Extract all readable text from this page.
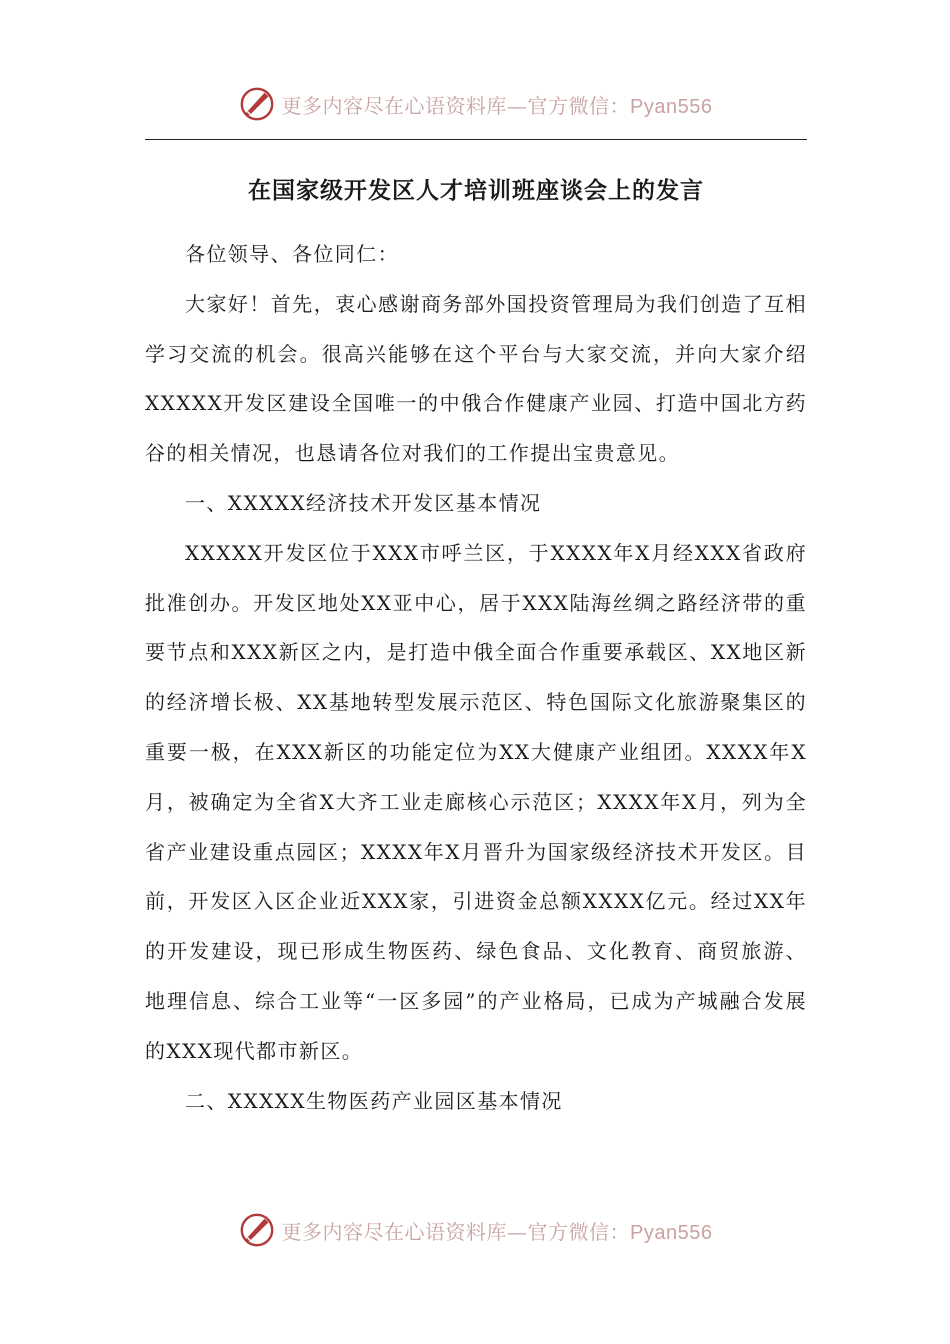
更多内容尽在心语资料库—官方微信：Pyan556
在国家级开发区人才培训班座谈会上的发言

各位领导、各位同仁：

大家好！首先，衷心感谢商务部外国投资管理局为我们创造了互相学习交流的机会。很高兴能够在这个平台与大家交流，并向大家介绍XXXXX开发区建设全国唯一的中俄合作健康产业园、打造中国北方药谷的相关情况，也恳请各位对我们的工作提出宝贵意见。

一、XXXXX经济技术开发区基本情况

XXXXX开发区位于XXX市呼兰区，于XXXX年X月经XXX省政府批准创办。开发区地处XX亚中心，居于XXX陆海丝绸之路经济带的重要节点和XXX新区之内，是打造中俄全面合作重要承载区、XX地区新的经济增长极、XX基地转型发展示范区、特色国际文化旅游聚集区的重要一极，在XXX新区的功能定位为XX大健康产业组团。XXXX年X月，被确定为全省X大齐工业走廊核心示范区；XXXX年X月，列为全省产业建设重点园区；XXXX年X月晋升为国家级经济技术开发区。目前，开发区入区企业近XXX家，引进资金总额XXXX亿元。经过XX年的开发建设，现已形成生物医药、绿色食品、文化教育、商贸旅游、地理信息、综合工业等“一区多园”的产业格局，已成为产城融合发展的XXX现代都市新区。

二、XXXXX生物医药产业园区基本情况

更多内容尽在心语资料库—官方微信：Pyan556
